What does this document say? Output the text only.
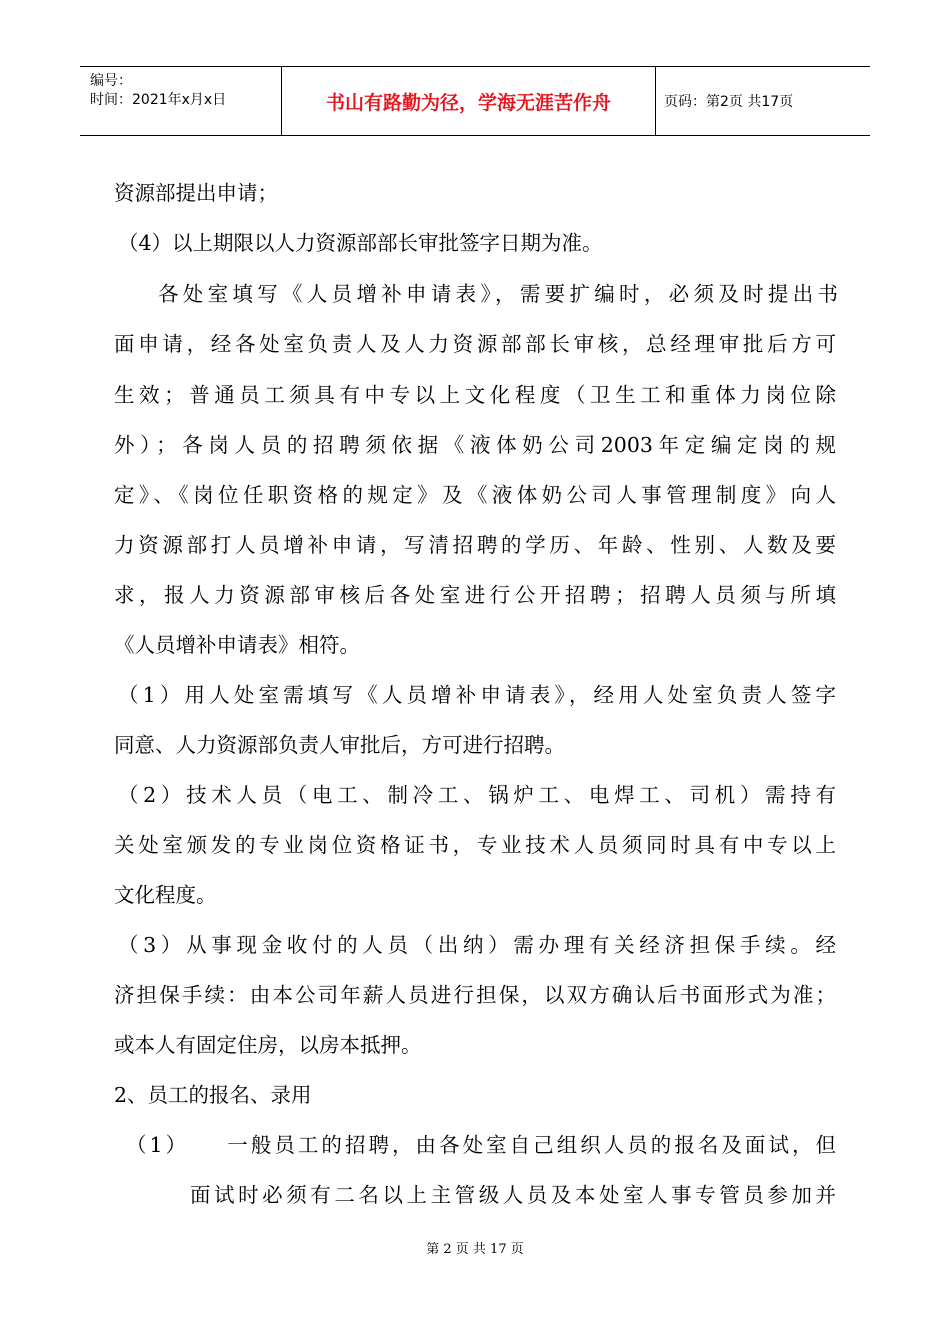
编号：
时间：2021年x月x日	书山有路勤为径，学海无涯苦作舟	页码：第2页 共17页
资源部提出申请；
（4）以上期限以人力资源部部长审批签字日期为准。
各处室填写《人员增补申请表》，需要扩编时，必须及时提出书
面申请，经各处室负责人及人力资源部部长审核，总经理审批后方可
生效；普通员工须具有中专以上文化程度（卫生工和重体力岗位除
外）；各岗人员的招聘须依据《液体奶公司2003年定编定岗的规
定》、《岗位任职资格的规定》及《液体奶公司人事管理制度》向人
力资源部打人员增补申请，写清招聘的学历、年龄、性别、人数及要
求，报人力资源部审核后各处室进行公开招聘；招聘人员须与所填
《人员增补申请表》相符。
（1）用人处室需填写《人员增补申请表》，经用人处室负责人签字
同意、人力资源部负责人审批后，方可进行招聘。
（2）技术人员（电工、制冷工、锅炉工、电焊工、司机）需持有
关处室颁发的专业岗位资格证书，专业技术人员须同时具有中专以上
文化程度。
（3）从事现金收付的人员（出纳）需办理有关经济担保手续。经
济担保手续：由本公司年薪人员进行担保，以双方确认后书面形式为准；
或本人有固定住房，以房本抵押。
2、员工的报名、录用
（1）    一般员工的招聘，由各处室自己组织人员的报名及面试，但
面试时必须有二名以上主管级人员及本处室人事专管员参加并
第 2 页 共 17 页
